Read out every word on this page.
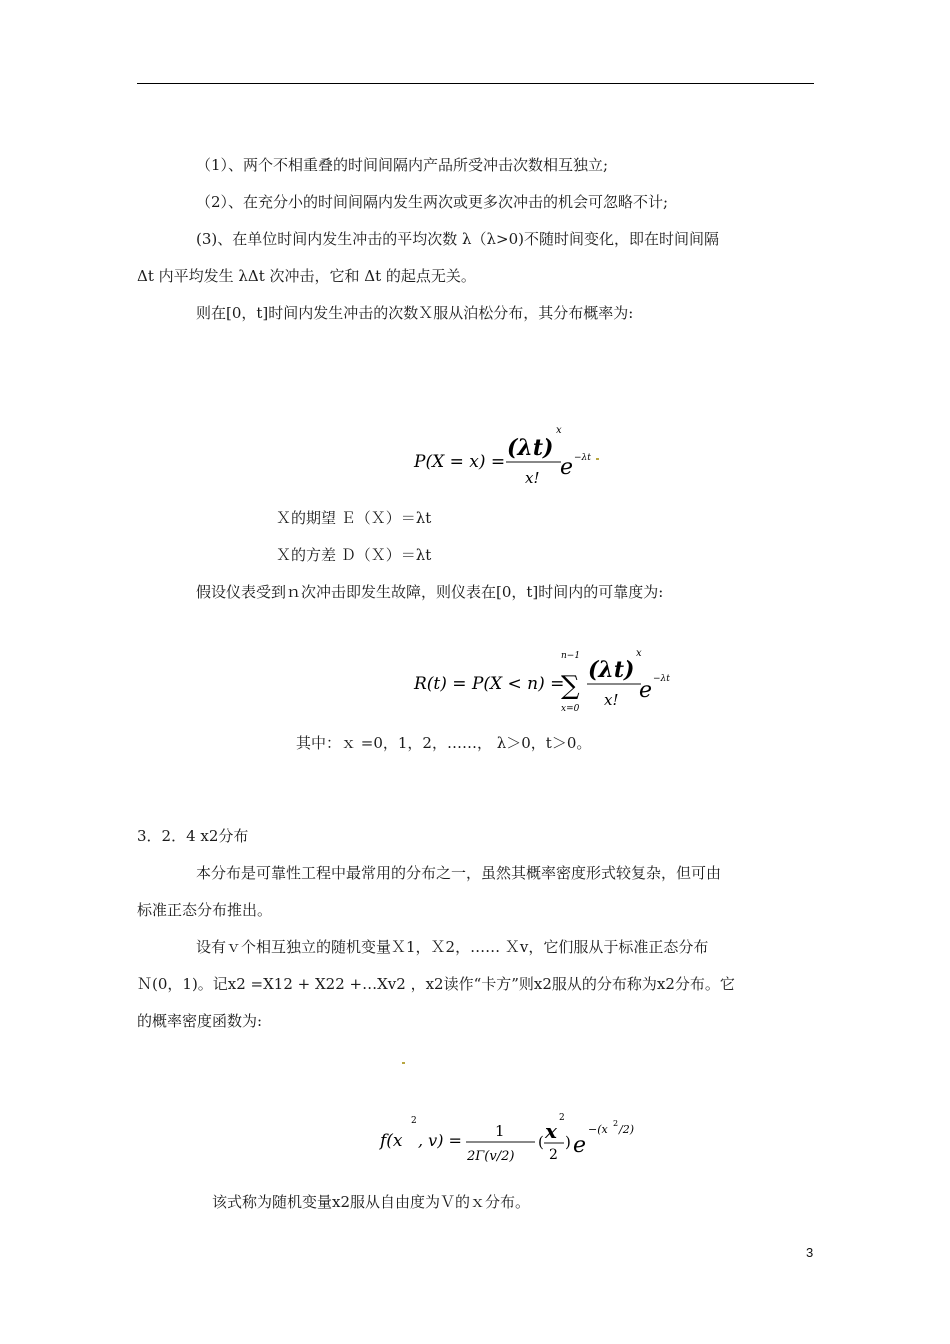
（1）、两个不相重叠的时间间隔内产品所受冲击次数相互独立;
（2）、在充分小的时间间隔内发生两次或更多次冲击的机会可忽略不计;
(3)、在单位时间内发生冲击的平均次数 λ（λ>0)不随时间变化，即在时间间隔
Δt 内平均发生 λΔt 次冲击，它和 Δt 的起点无关。
则在[0，t]时间内发生冲击的次数Ｘ服从泊松分布，其分布概率为:
P(X = x) =
(λt)
x
x! e −λt
Ｘ的期望 Ｅ（Ｘ）＝λt
Ｘ的方差 Ｄ（Ｘ）＝λt
假设仪表受到ｎ次冲击即发生故障，则仪表在[0，t]时间内的可靠度为:
R(t) = P(X < n) =
n−1
∑
x=0
(λt)
x
x! e −λt
其中：ｘ =0，1，2，……， λ＞0，t＞0。
3．2．4 x2分布
本分布是可靠性工程中最常用的分布之一，虽然其概率密度形式较复杂，但可由
标准正态分布推出。
设有ｖ个相互独立的随机变量Ｘ1，Ｘ2，…… Ｘv，它们服从于标准正态分布
Ｎ(0，1)。记x2 =X12 + X22 +…Xv2 ，x2读作“卡方”则x2服从的分布称为x2分布。它
的概率密度函数为:
f(x
2
, v) = 1
2Γ(v/2)
( x
2
2
) e
−(x 2 /2)
该式称为随机变量x2服从自由度为Ｖ的ｘ分布。
3
